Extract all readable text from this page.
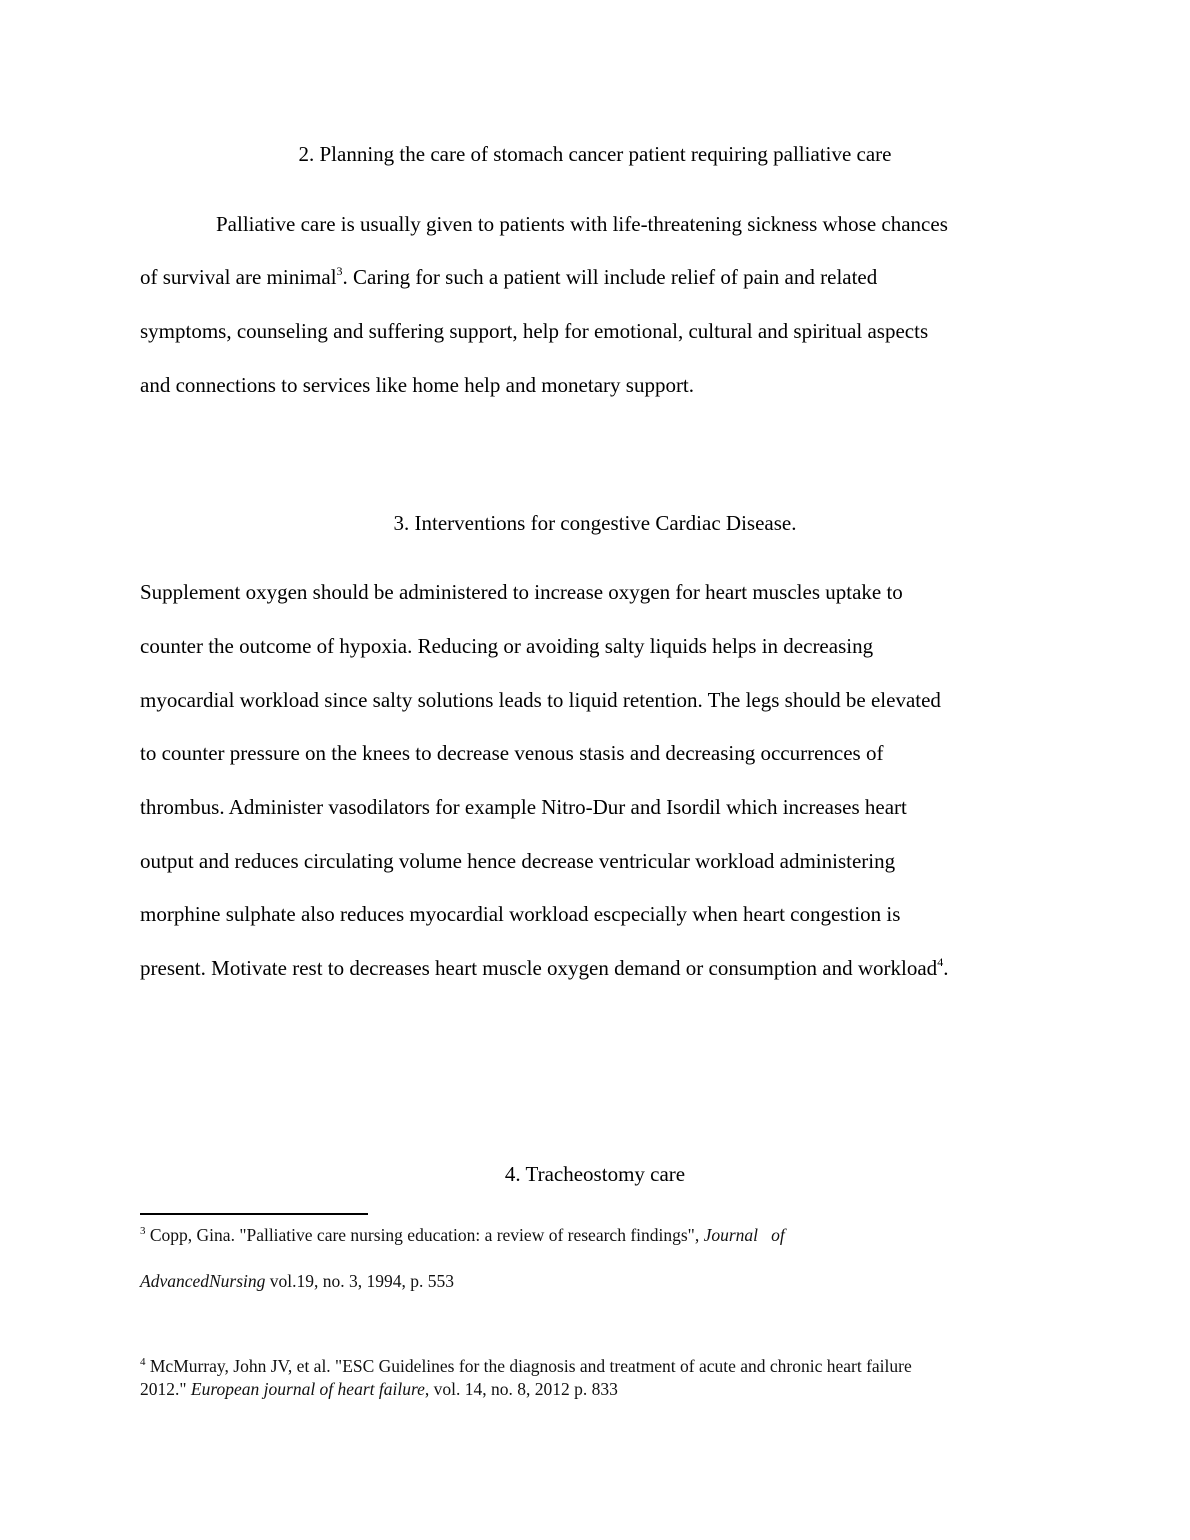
2. Planning the care of stomach cancer patient requiring palliative care
Palliative care is usually given to patients with life-threatening sickness whose chances
of survival are minimal$^3$. Caring for such a patient will include relief of pain and related
symptoms, counseling and suffering support, help for emotional, cultural and spiritual aspects
and connections to services like home help and monetary support.
3. Interventions for congestive Cardiac Disease.
Supplement oxygen should be administered to increase oxygen for heart muscles uptake to
counter the outcome of hypoxia. Reducing or avoiding salty liquids helps in decreasing
myocardial workload since salty solutions leads to liquid retention. The legs should be elevated
to counter pressure on the knees to decrease venous stasis and decreasing occurrences of
thrombus. Administer vasodilators for example Nitro-Dur and Isordil which increases heart
output and reduces circulating volume hence decrease ventricular workload administering
morphine sulphate also reduces myocardial workload escpecially when heart congestion is
present. Motivate rest to decreases heart muscle oxygen demand or consumption and workload$^4$.
4. Tracheostomy care
$^3$ Copp, Gina. "Palliative care nursing education: a review of research findings", Journal   of
AdvancedNursing vol.19, no. 3, 1994, p. 553
$^4$ McMurray, John JV, et al. "ESC Guidelines for the diagnosis and treatment of acute and chronic heart failure
2012." European journal of heart failure, vol. 14, no. 8, 2012 p. 833
